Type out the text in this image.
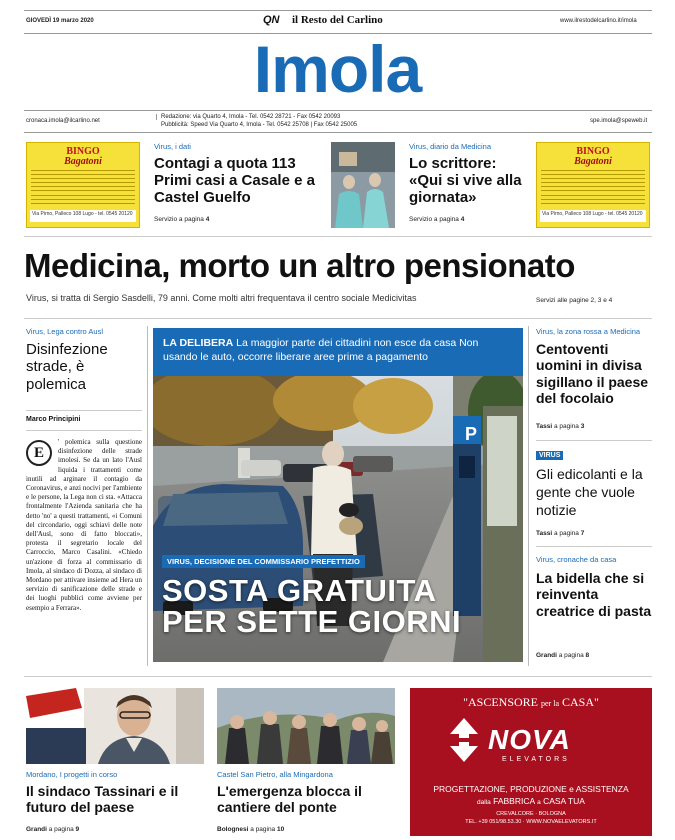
GIOVEDÌ 19 marzo 2020	QN il Resto del Carlino	www.ilrestodelcarlino.it/imola
Imola
cronaca.imola@ilcarlino.net
Redazione: via Quarto 4, Imola - Tel. 0542 28721 - Fax 0542 20093
Pubblicità: Speed Via Quarto 4, Imola - Tel. 0542 25708 | Fax 0542 25005
spe.imola@speweb.it
BINGO
Bagatoni
Via Pirno, Palleco 108 Lugo - tel. 0545 20120
BINGO
Bagatoni
Via Pirno, Palleco 108 Lugo - tel. 0545 20120
Virus, i dati
Contagi a quota 113 Primi casi a Casale e a Castel Guelfo
Servizio a pagina 4
Virus, diario da Medicina
Lo scrittore: «Qui si vive alla giornata»
Servizio a pagina 4
Medicina, morto un altro pensionato
Virus, si tratta di Sergio Sasdelli, 79 anni. Come molti altri frequentava il centro sociale Medicivitas	Servizi alle pagine 2, 3 e 4
Virus, Lega contro Ausl
Disinfezione strade, è polemica
Marco Principini
E
' polemica sulla questione disinfezione delle strade imolesi. Se da un lato l'Ausl liquida i trattamenti come inutili ad arginare il contagio da Coronavirus, e anzi nocivi per l'ambiente e le persone, la Lega non ci sta. «Attacca frontalmente l'Azienda sanitaria che ha detto 'no' a questi trattamenti, «i Comuni del circondario, oggi schiavi delle note dell'Ausl, sono di fatto bloccati», protesta il segretario locale del Carroccio, Marco Casalini. «Chiedo un'azione di forza al commissario di Imola, al sindaco di Dozza, al sindaco di Mordano per attivare insieme ad Hera un servizio di sanificazione delle strade e dei luoghi pubblici come avviene per esempio a Ferrara».
LA DELIBERA La maggior parte dei cittadini non esce da casa Non usando le auto, occorre liberare aree prime a pagamento
P
VIRUS, DECISIONE DEL COMMISSARIO PREFETTIZIO
SOSTA GRATUITA
PER SETTE GIORNI
Virus, la zona rossa a Medicina
Centoventi uomini in divisa sigillano il paese del focolaio
Tassi a pagina 3
VIRUS
Gli edicolanti e la gente che vuole notizie
Tassi a pagina 7
Virus, cronache da casa
La bidella che si reinventa creatrice di pasta
Grandi a pagina 8
Mordano, I progetti in corso
Il sindaco Tassinari e il futuro del paese
Grandi a pagina 9
Castel San Pietro, alla Mingardona
L'emergenza blocca il cantiere del ponte
Bolognesi a pagina 10
"ASCENSORE per la CASA"
NOVA
ELEVATORS
PROGETTAZIONE, PRODUZIONE e ASSISTENZA
dalla FABBRICA a CASA TUA
CREVALCORE · BOLOGNA
TEL. +39 051/98.53.30 · WWW.NOVAELEVATORS.IT
